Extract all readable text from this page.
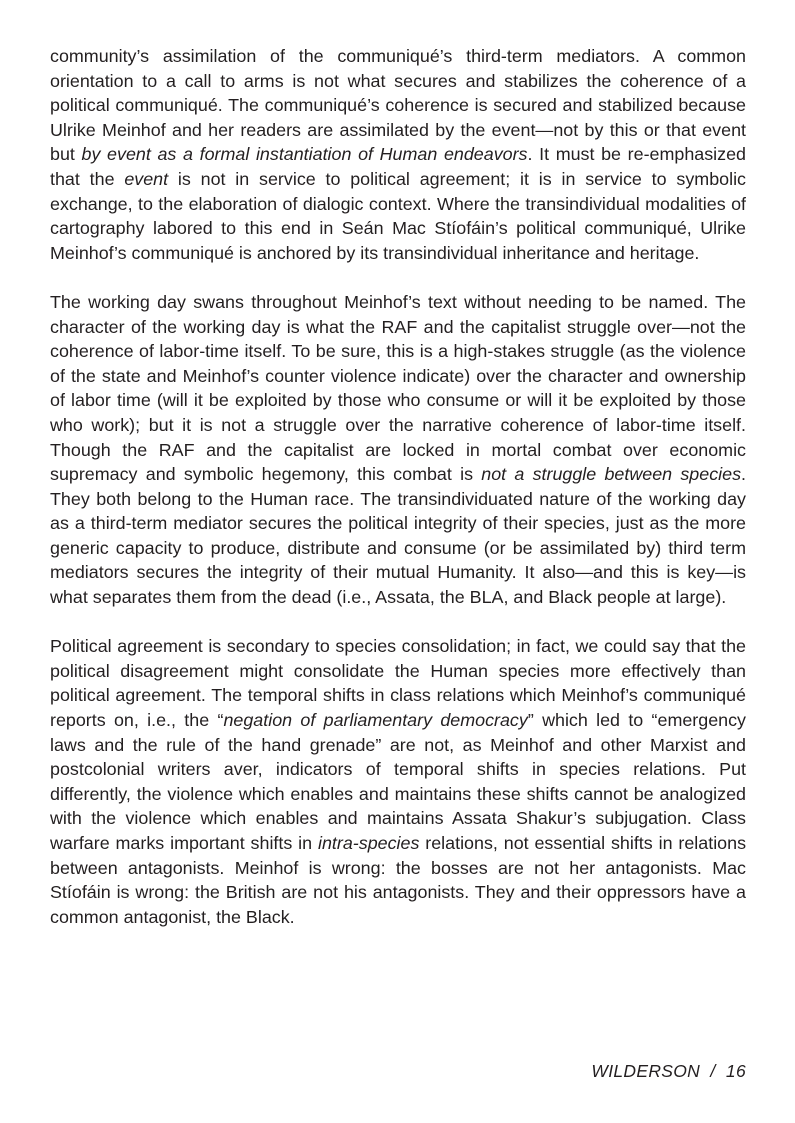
community’s assimilation of the communiqué’s third-term mediators. A common orientation to a call to arms is not what secures and stabilizes the coherence of a political communiqué. The communiqué’s coherence is secured and stabilized because Ulrike Meinhof and her readers are assimilated by the event—not by this or that event but by event as a formal instantiation of Human endeavors. It must be re-emphasized that the event is not in service to political agreement; it is in service to symbolic exchange, to the elaboration of dialogic context. Where the transindividual modalities of cartography labored to this end in Seán Mac Stíofáin’s political communiqué, Ulrike Meinhof’s communiqué is anchored by its transindividual inheritance and heritage.

The working day swans throughout Meinhof’s text without needing to be named. The character of the working day is what the RAF and the capitalist struggle over—not the coherence of labor-time itself. To be sure, this is a high-stakes struggle (as the violence of the state and Meinhof’s counter violence indicate) over the character and ownership of labor time (will it be exploited by those who consume or will it be exploited by those who work); but it is not a struggle over the narrative coherence of labor-time itself. Though the RAF and the capitalist are locked in mortal combat over economic supremacy and symbolic hegemony, this combat is not a struggle between species. They both belong to the Human race. The transindividuated nature of the working day as a third-term mediator secures the political integrity of their species, just as the more generic capacity to produce, distribute and consume (or be assimilated by) third term mediators secures the integrity of their mutual Humanity. It also—and this is key—is what separates them from the dead (i.e., Assata, the BLA, and Black people at large).

Political agreement is secondary to species consolidation; in fact, we could say that the political disagreement might consolidate the Human species more effectively than political agreement. The temporal shifts in class relations which Meinhof’s communiqué reports on, i.e., the “negation of parliamentary democracy” which led to “emergency laws and the rule of the hand grenade” are not, as Meinhof and other Marxist and postcolonial writers aver, indicators of temporal shifts in species relations. Put differently, the violence which enables and maintains these shifts cannot be analogized with the violence which enables and maintains Assata Shakur’s subjugation. Class warfare marks important shifts in intra-species relations, not essential shifts in relations between antagonists. Meinhof is wrong: the bosses are not her antagonists. Mac Stíofáin is wrong: the British are not his antagonists. They and their oppressors have a common antagonist, the Black.

WILDERSON / 16
